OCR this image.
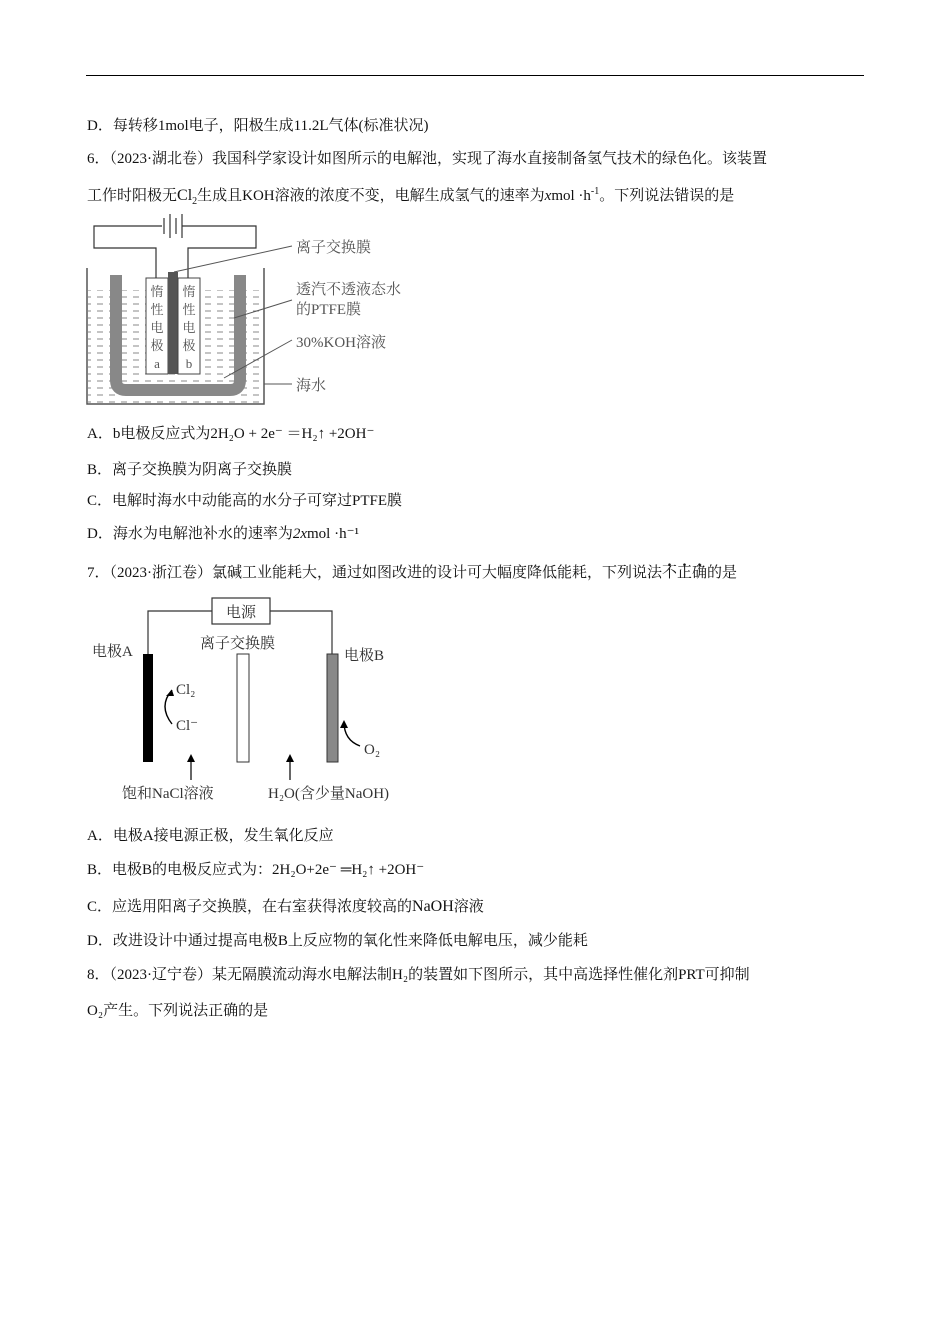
D．每转移1mol电子，阳极生成11.2L气体(标准状况)
6．（2023·湖北卷）我国科学家设计如图所示的电解池，实现了海水直接制备氢气技术的绿色化。该装置
工作时阳极无$Cl_2$生成且KOH溶液的浓度不变，电解生成氢气的速率为xmol $\cdot h^{-1}$。下列说法错误的是
惰
性
电
极
a
惰
性
电
极
b
离子交换膜
透汽不透液态水
的PTFE膜
30%KOH溶液
海水
A．b电极反应式为2H₂O + 2e⁻ ＝H₂↑ +2OH⁻
B．离子交换膜为阴离子交换膜
C．电解时海水中动能高的水分子可穿过PTFE膜
D．海水为电解池补水的速率为2xmol ·h⁻¹
7．（2023·浙江卷）氯碱工业能耗大，通过如图改进的设计可大幅度降低能耗，下列说法不正确的是
电源
电极A	离子交换膜
电极B
Cl₂
Cl⁻
O₂
饱和NaCl溶液	H₂O(含少量NaOH)
A．电极A接电源正极，发生氧化反应
B．电极B的电极反应式为：2H₂O+2e⁻ ═H₂↑ +2OH⁻
C．应选用阳离子交换膜，在右室获得浓度较高的NaOH溶液
D．改进设计中通过提高电极B上反应物的氧化性来降低电解电压，减少能耗
8．（2023·辽宁卷）某无隔膜流动海水电解法制H₂的装置如下图所示，其中高选择性催化剂PRT可抑制
O₂产生。下列说法正确的是
